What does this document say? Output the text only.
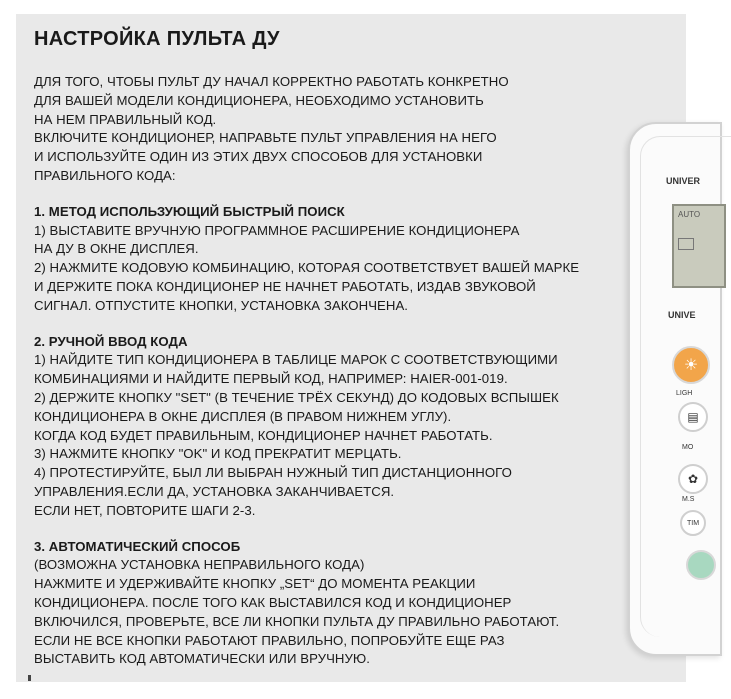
НАСТРОЙКА ПУЛЬТА ДУ
ДЛЯ ТОГО, ЧТОБЫ ПУЛЬТ ДУ НАЧАЛ КОРРЕКТНО РАБОТАТЬ КОНКРЕТНО
ДЛЯ ВАШЕЙ МОДЕЛИ КОНДИЦИОНЕРА, НЕОБХОДИМО УСТАНОВИТЬ
НА НЕМ ПРАВИЛЬНЫЙ КОД.
ВКЛЮЧИТЕ КОНДИЦИОНЕР, НАПРАВЬТЕ ПУЛЬТ УПРАВЛЕНИЯ НА НЕГО
И ИСПОЛЬЗУЙТЕ ОДИН ИЗ ЭТИХ ДВУХ СПОСОБОВ ДЛЯ УСТАНОВКИ
ПРАВИЛЬНОГО КОДА:
1. МЕТОД ИСПОЛЬЗУЮЩИЙ БЫСТРЫЙ ПОИСК
1) ВЫСТАВИТЕ ВРУЧНУЮ ПРОГРАММНОЕ РАСШИРЕНИЕ КОНДИЦИОНЕРА
НА ДУ В ОКНЕ ДИСПЛЕЯ.
2) НАЖМИТЕ КОДОВУЮ КОМБИНАЦИЮ, КОТОРАЯ СООТВЕТСТВУЕТ ВАШЕЙ МАРКЕ
И ДЕРЖИТЕ ПОКА КОНДИЦИОНЕР НЕ НАЧНЕТ РАБОТАТЬ, ИЗДАВ ЗВУКОВОЙ
СИГНАЛ. ОТПУСТИТЕ КНОПКИ, УСТАНОВКА ЗАКОНЧЕНА.
2. РУЧНОЙ ВВОД КОДА
1) НАЙДИТЕ ТИП КОНДИЦИОНЕРА В ТАБЛИЦЕ МАРОК С СООТВЕТСТВУЮЩИМИ
КОМБИНАЦИЯМИ И НАЙДИТЕ ПЕРВЫЙ КОД, НАПРИМЕР: HAIER-001-019.
2) ДЕРЖИТЕ КНОПКУ "SET" (В ТЕЧЕНИЕ ТРЁХ СЕКУНД) ДО КОДОВЫХ ВСПЫШЕК
КОНДИЦИОНЕРА В ОКНЕ ДИСПЛЕЯ (В ПРАВОМ НИЖНЕМ УГЛУ).
КОГДА КОД БУДЕТ ПРАВИЛЬНЫМ, КОНДИЦИОНЕР НАЧНЕТ РАБОТАТЬ.
3) НАЖМИТЕ КНОПКУ "OK" И КОД ПРЕКРАТИТ МЕРЦАТЬ.
4) ПРОТЕСТИРУЙТЕ, БЫЛ ЛИ ВЫБРАН НУЖНЫЙ ТИП ДИСТАНЦИОННОГО
УПРАВЛЕНИЯ.ЕСЛИ ДА, УСТАНОВКА ЗАКАНЧИВАЕТСЯ.
ЕСЛИ НЕТ, ПОВТОРИТЕ ШАГИ 2-3.
3. АВТОМАТИЧЕСКИЙ СПОСОБ
(ВОЗМОЖНА УСТАНОВКА НЕПРАВИЛЬНОГО КОДА)
НАЖМИТЕ И УДЕРЖИВАЙТЕ КНОПКУ „SET“ ДО МОМЕНТА РЕАКЦИИ
КОНДИЦИОНЕРА. ПОСЛЕ ТОГО КАК ВЫСТАВИЛСЯ КОД И КОНДИЦИОНЕР
ВКЛЮЧИЛСЯ, ПРОВЕРЬТЕ, ВСЕ ЛИ КНОПКИ ПУЛЬТА ДУ ПРАВИЛЬНО РАБОТАЮТ.
ЕСЛИ НЕ ВСЕ КНОПКИ РАБОТАЮТ ПРАВИЛЬНО, ПОПРОБУЙТЕ ЕЩЕ РАЗ
ВЫСТАВИТЬ КОД АВТОМАТИЧЕСКИ ИЛИ ВРУЧНУЮ.
UNIVER
AUTO
UNIVE
☀
LIGH
▤
MO
✿
M.S
TIM
